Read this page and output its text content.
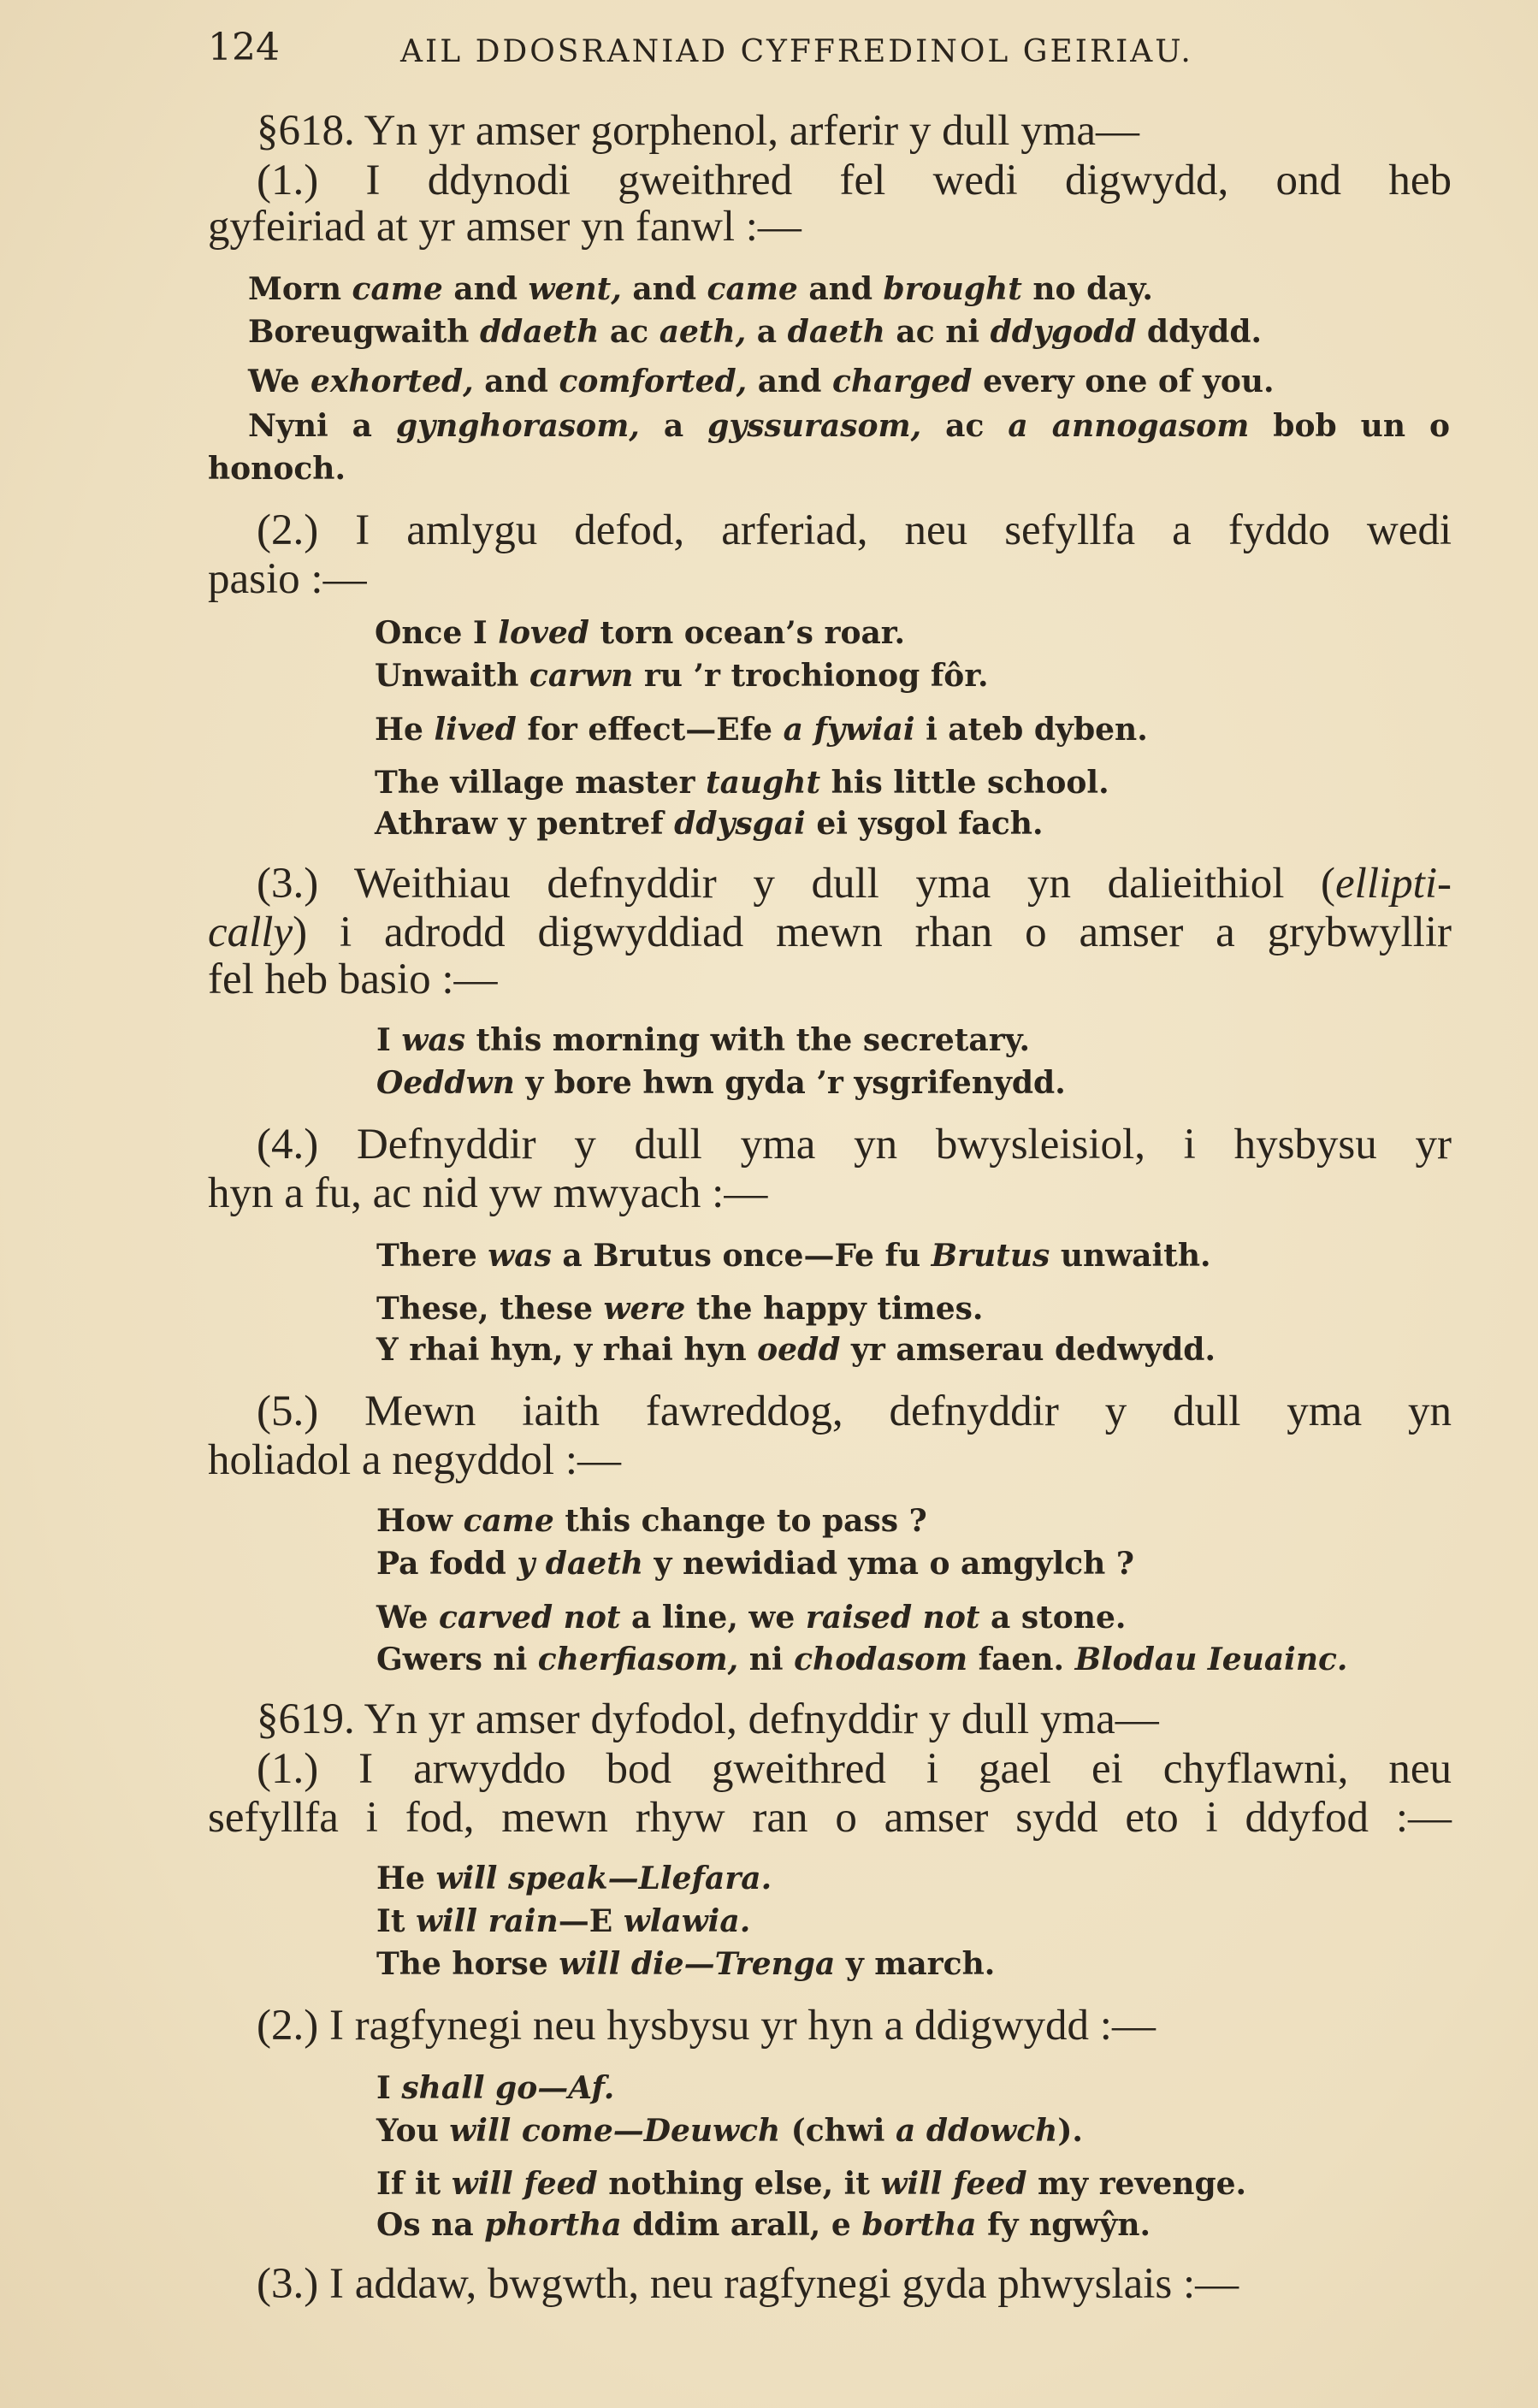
124	AIL DDOSRANIAD CYFFREDINOL GEIRIAU.
§618. Yn yr amser gorphenol, arferir y dull yma—
(1.) I ddynodi gweithred fel wedi digwydd, ond heb
gyfeiriad at yr amser yn fanwl :—
Morn came and went, and came and brought no day.
Boreugwaith ddaeth ac aeth, a daeth ac ni ddygodd ddydd.
We exhorted, and comforted, and charged every one of you.
Nyni a gynghorasom, a gyssurasom, ac a annogasom bob un o
honoch.
(2.) I amlygu defod, arferiad, neu sefyllfa a fyddo wedi
pasio :—
Once I loved torn ocean’s roar.
Unwaith carwn ru ’r trochionog fôr.
He lived for effect—Efe a fywiai i ateb dyben.
The village master taught his little school.
Athraw y pentref ddysgai ei ysgol fach.
(3.) Weithiau defnyddir y dull yma yn dalieithiol (ellipti-
cally) i adrodd digwyddiad mewn rhan o amser a grybwyllir
fel heb basio :—
I was this morning with the secretary.
Oeddwn y bore hwn gyda ’r ysgrifenydd.
(4.) Defnyddir y dull yma yn bwysleisiol, i hysbysu yr
hyn a fu, ac nid yw mwyach :—
There was a Brutus once—Fe fu Brutus unwaith.
These, these were the happy times.
Y rhai hyn, y rhai hyn oedd yr amserau dedwydd.
(5.) Mewn iaith fawreddog, defnyddir y dull yma yn
holiadol a negyddol :—
How came this change to pass ?
Pa fodd y daeth y newidiad yma o amgylch ?
We carved not a line, we raised not a stone.
Gwers ni cherfiasom, ni chodasom faen. Blodau Ieuainc.
§619. Yn yr amser dyfodol, defnyddir y dull yma—
(1.) I arwyddo bod gweithred i gael ei chyflawni, neu
sefyllfa i fod, mewn rhyw ran o amser sydd eto i ddyfod :—
He will speak—Llefara.
It will rain—E wlawia.
The horse will die—Trenga y march.
(2.) I ragfynegi neu hysbysu yr hyn a ddigwydd :—
I shall go—Af.
You will come—Deuwch (chwi a ddowch).
If it will feed nothing else, it will feed my revenge.
Os na phortha ddim arall, e bortha fy ngwŷn.
(3.) I addaw, bwgwth, neu ragfynegi gyda phwyslais :—
